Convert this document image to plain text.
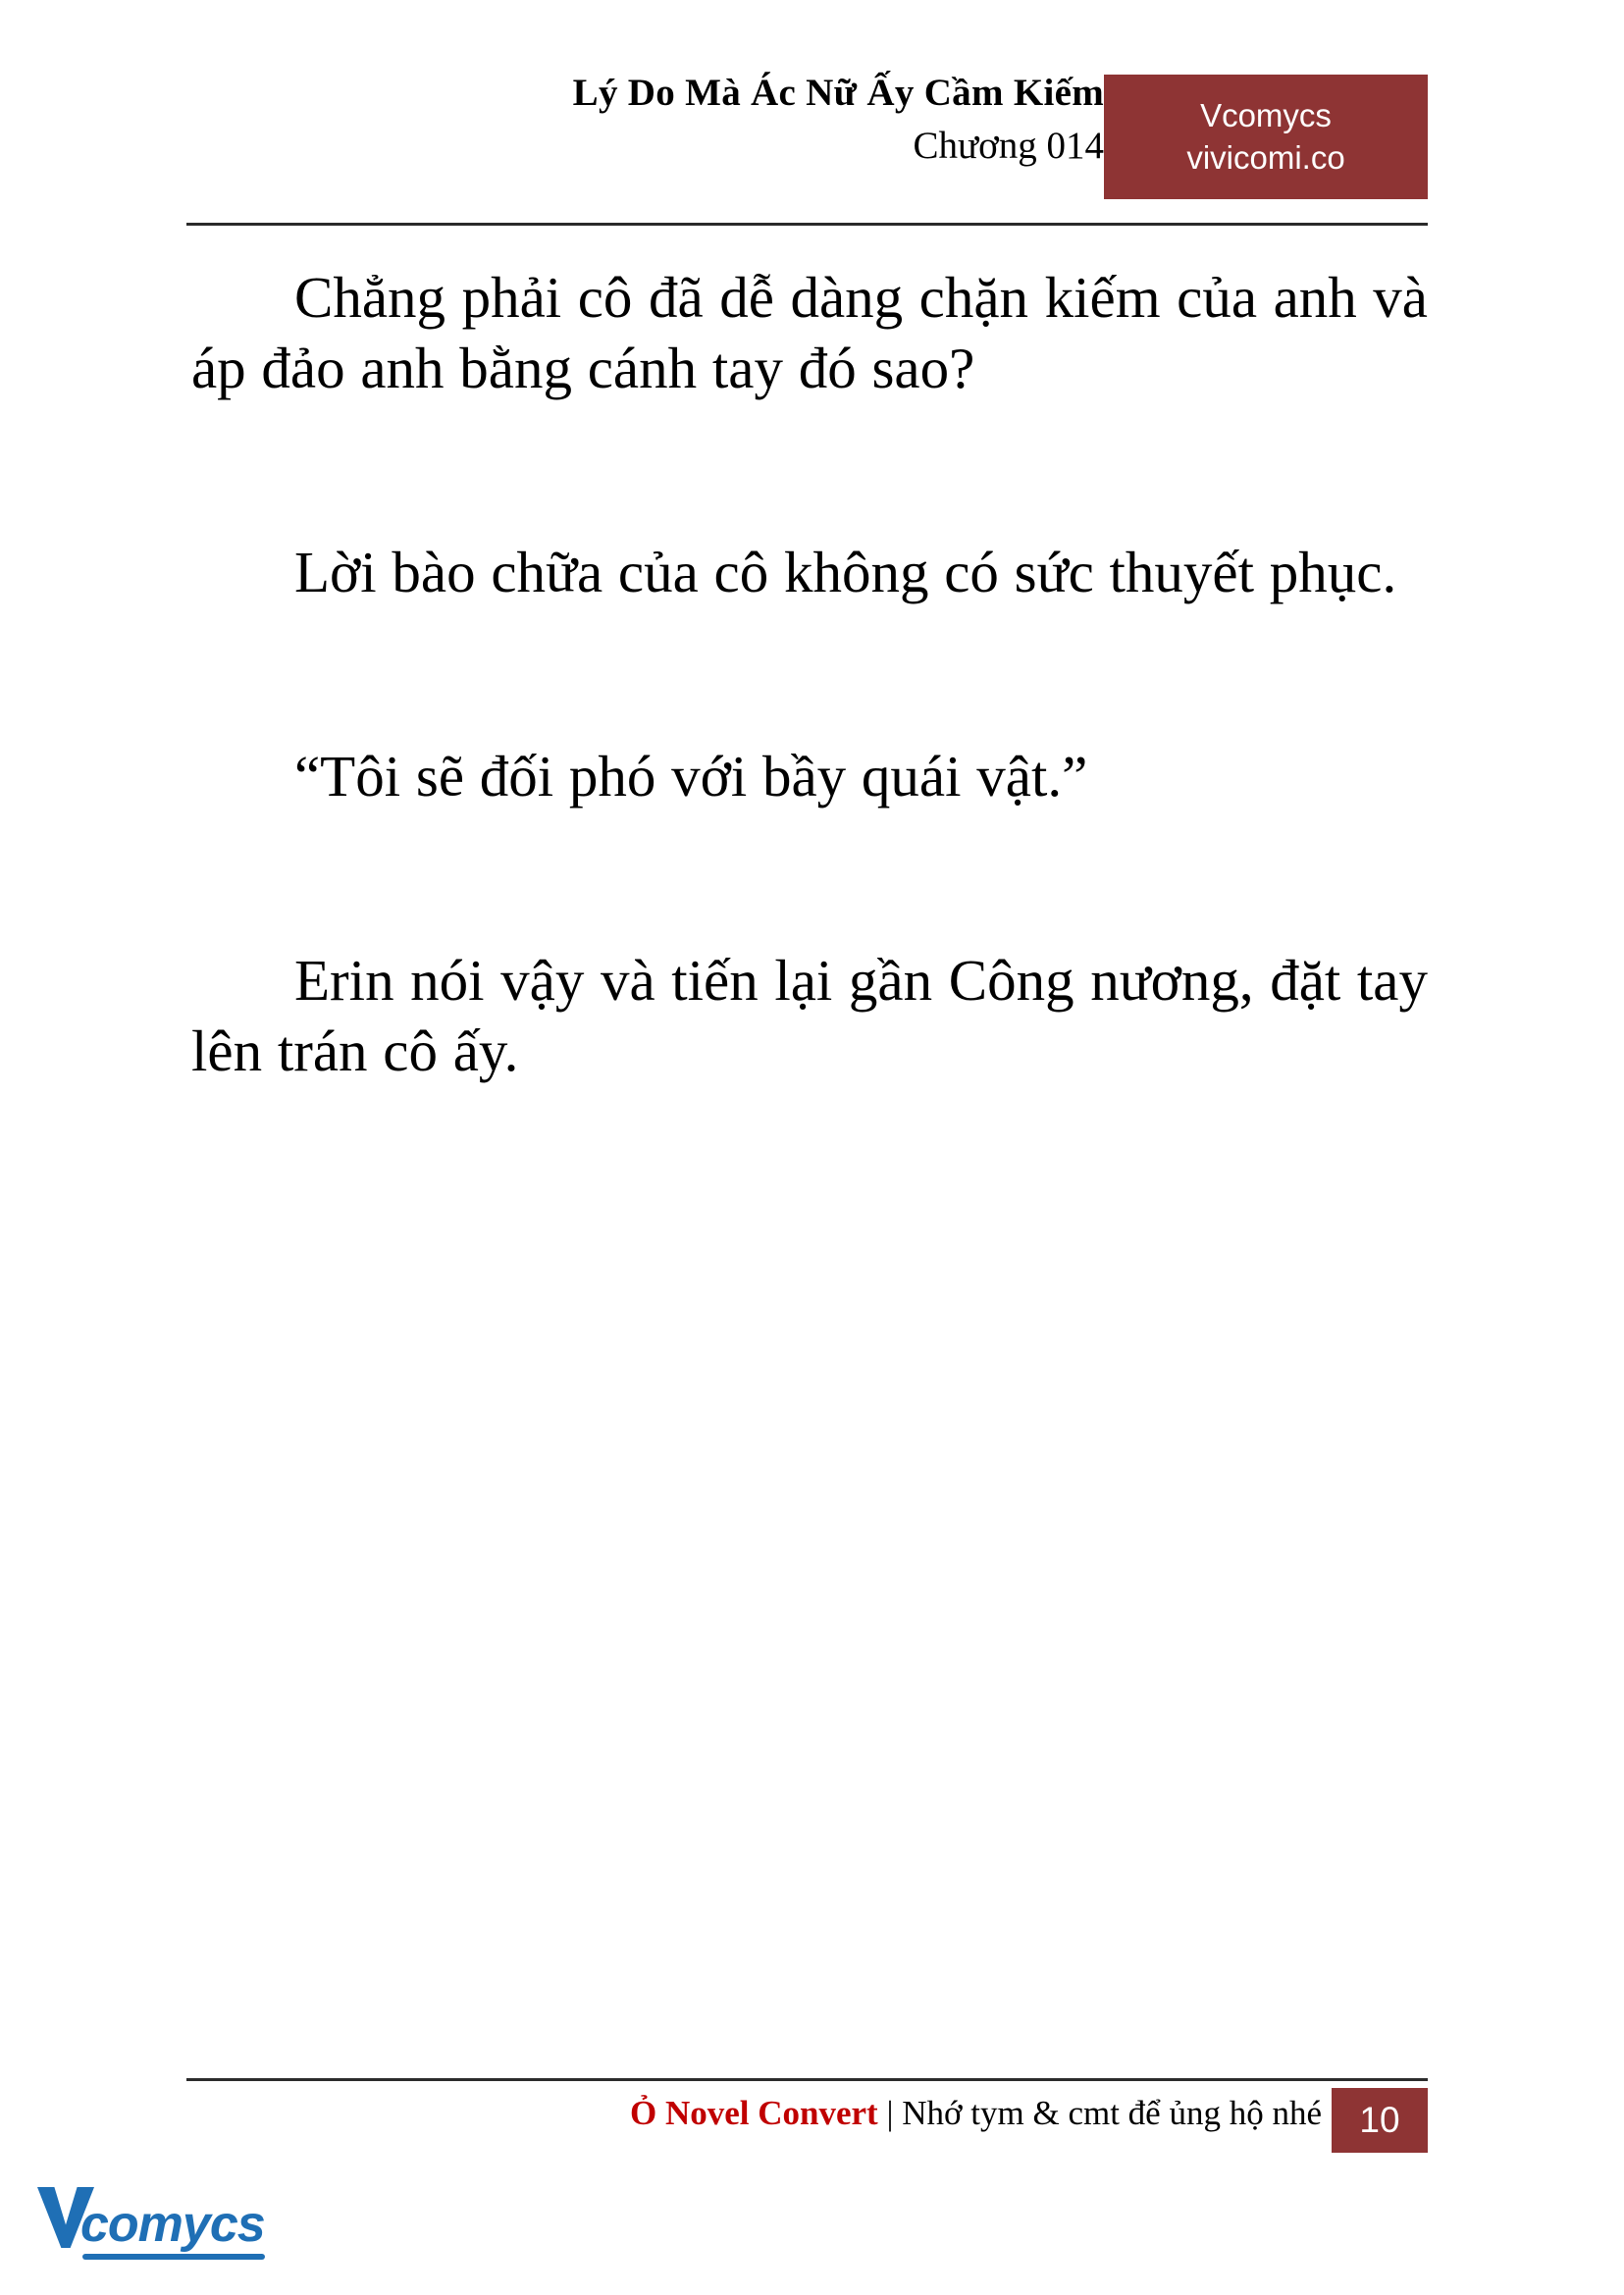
Lý Do Mà Ác Nữ Ấy Cầm Kiếm
Chương 014
Vcomycs
vivicomi.co

Chẳng phải cô đã dễ dàng chặn kiếm của anh và áp đảo anh bằng cánh tay đó sao?

Lời bào chữa của cô không có sức thuyết phục.

“Tôi sẽ đối phó với bầy quái vật.”

Erin nói vậy và tiến lại gần Công nương, đặt tay lên trán cô ấy.

Ỏ Novel Convert | Nhớ tym & cmt để ủng hộ nhé	10
comycs
